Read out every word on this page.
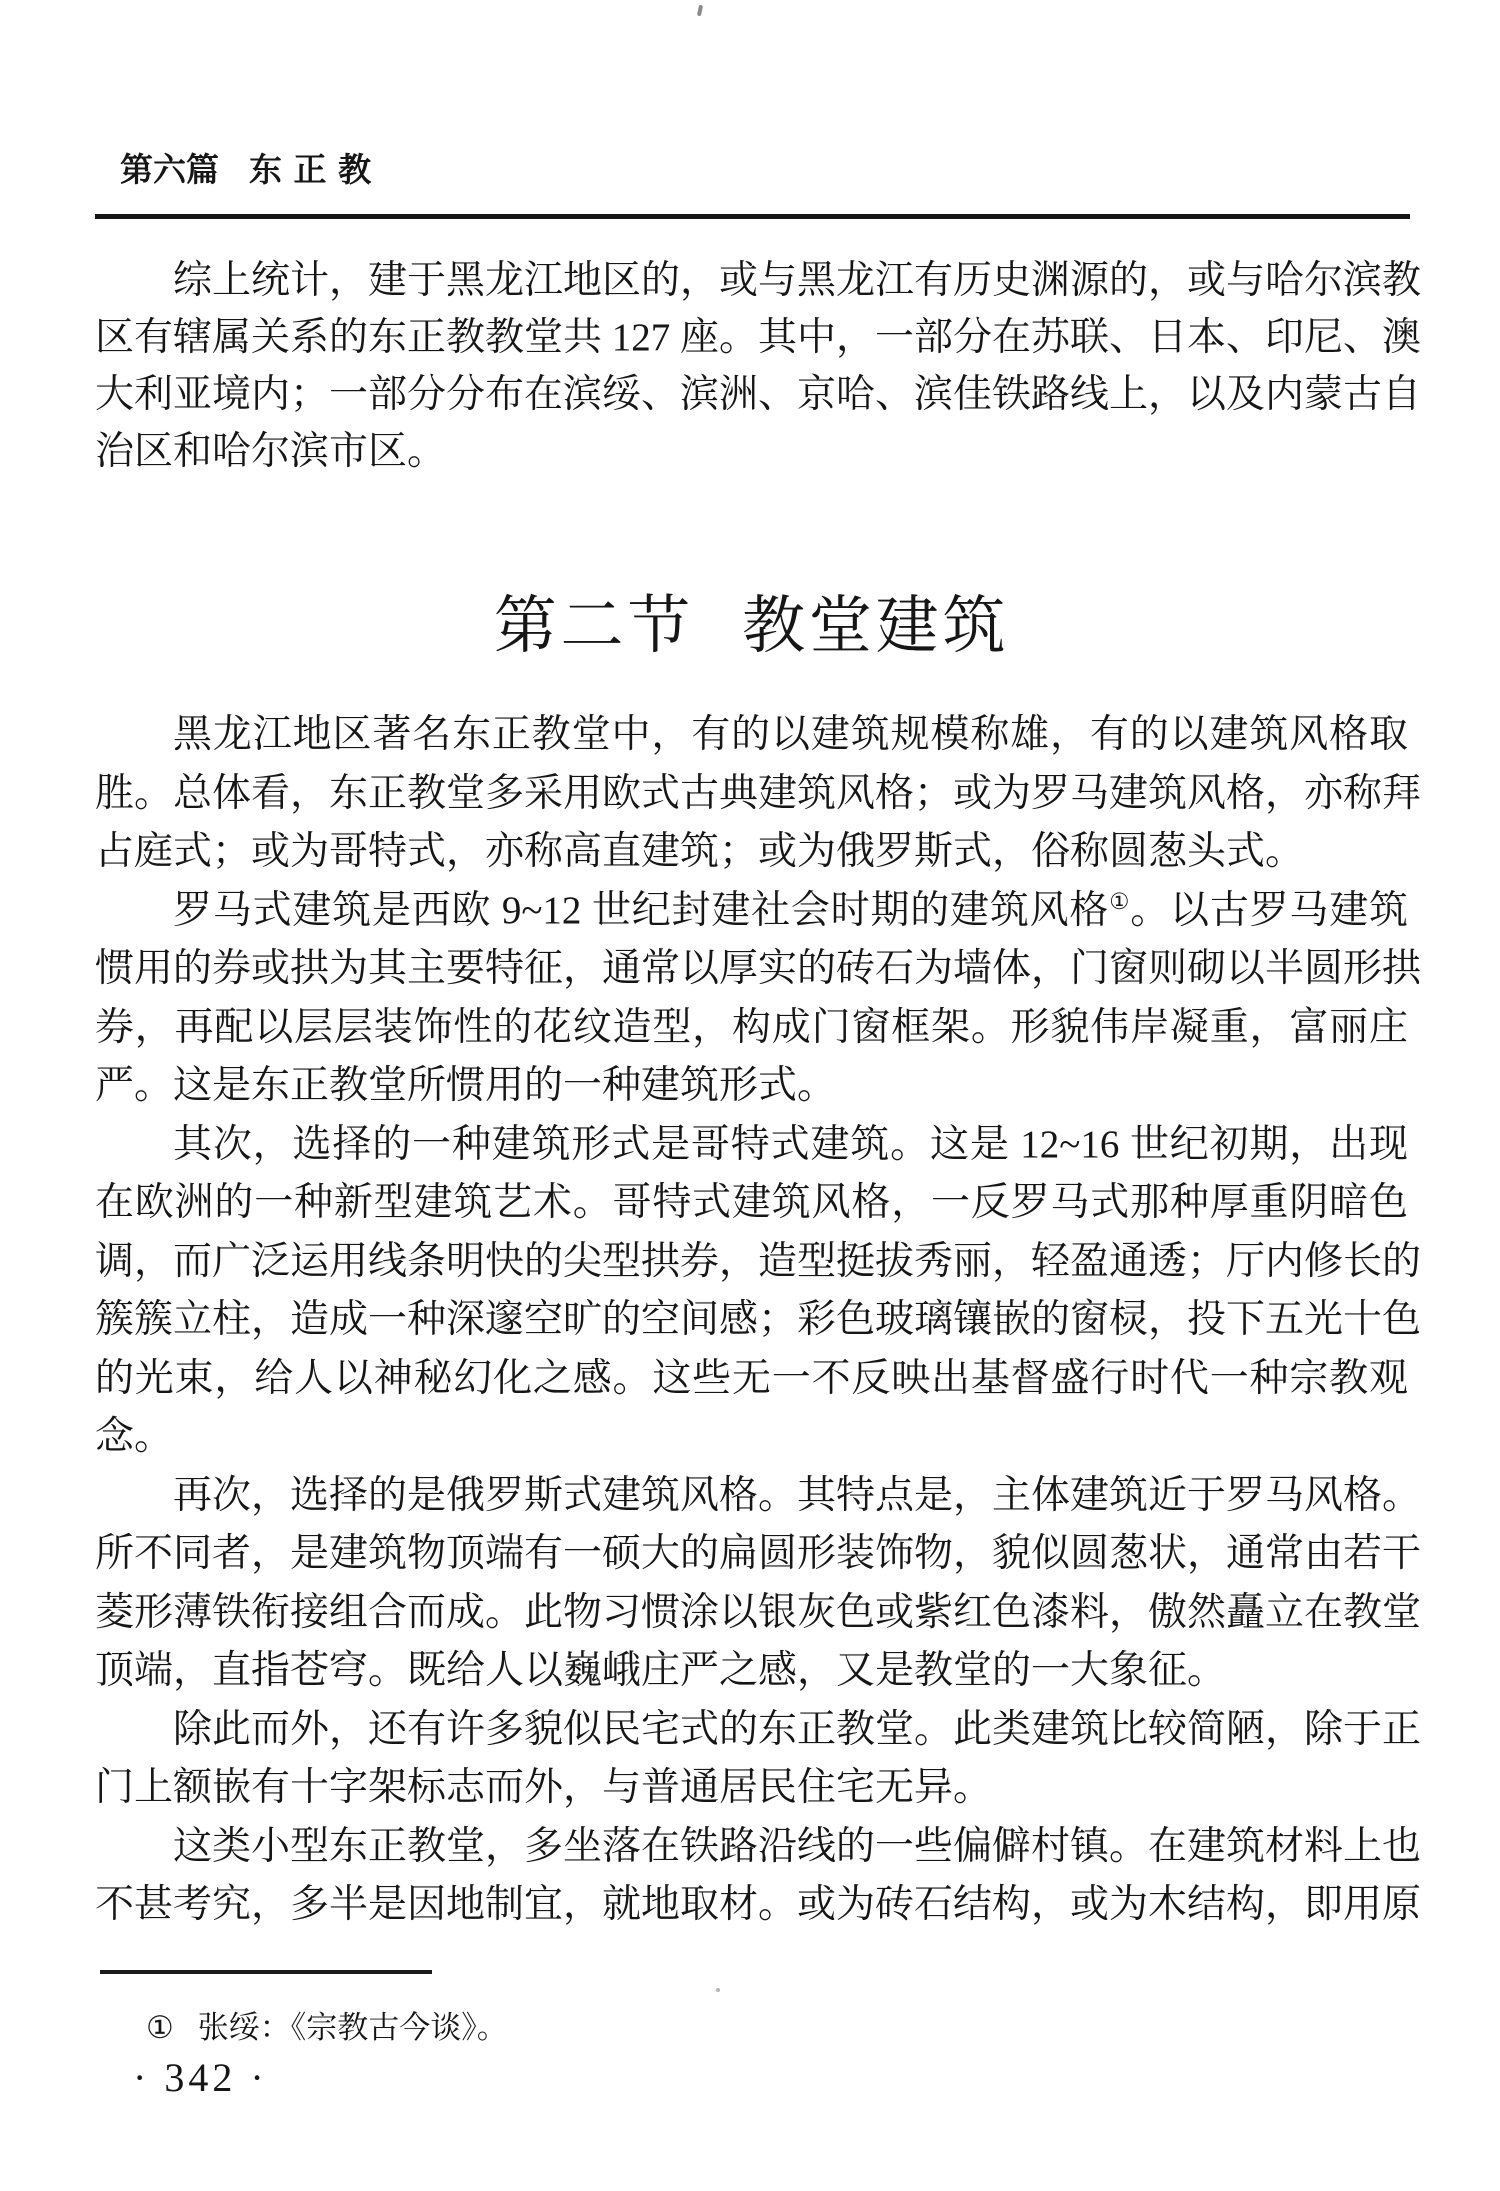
第六篇 东正教
综上统计，建于黑龙江地区的，或与黑龙江有历史渊源的，或与哈尔滨教
区有辖属关系的东正教教堂共 127 座。其中，一部分在苏联、日本、印尼、澳
大利亚境内；一部分分布在滨绥、滨洲、京哈、滨佳铁路线上，以及内蒙古自
治区和哈尔滨市区。
第二节 教堂建筑
黑龙江地区著名东正教堂中，有的以建筑规模称雄，有的以建筑风格取
胜。总体看，东正教堂多采用欧式古典建筑风格；或为罗马建筑风格，亦称拜
占庭式；或为哥特式，亦称高直建筑；或为俄罗斯式，俗称圆葱头式。
罗马式建筑是西欧 9~12 世纪封建社会时期的建筑风格①。以古罗马建筑
惯用的券或拱为其主要特征，通常以厚实的砖石为墙体，门窗则砌以半圆形拱
券，再配以层层装饰性的花纹造型，构成门窗框架。形貌伟岸凝重，富丽庄
严。这是东正教堂所惯用的一种建筑形式。
其次，选择的一种建筑形式是哥特式建筑。这是 12~16 世纪初期，出现
在欧洲的一种新型建筑艺术。哥特式建筑风格，一反罗马式那种厚重阴暗色
调，而广泛运用线条明快的尖型拱券，造型挺拔秀丽，轻盈通透；厅内修长的
簇簇立柱，造成一种深邃空旷的空间感；彩色玻璃镶嵌的窗棂，投下五光十色
的光束，给人以神秘幻化之感。这些无一不反映出基督盛行时代一种宗教观
念。
再次，选择的是俄罗斯式建筑风格。其特点是，主体建筑近于罗马风格。
所不同者，是建筑物顶端有一硕大的扁圆形装饰物，貌似圆葱状，通常由若干
菱形薄铁衔接组合而成。此物习惯涂以银灰色或紫红色漆料，傲然矗立在教堂
顶端，直指苍穹。既给人以巍峨庄严之感，又是教堂的一大象征。
除此而外，还有许多貌似民宅式的东正教堂。此类建筑比较简陋，除于正
门上额嵌有十字架标志而外，与普通居民住宅无异。
这类小型东正教堂，多坐落在铁路沿线的一些偏僻村镇。在建筑材料上也
不甚考究，多半是因地制宜，就地取材。或为砖石结构，或为木结构，即用原
① 张绥：《宗教古今谈》。
· 342 ·
